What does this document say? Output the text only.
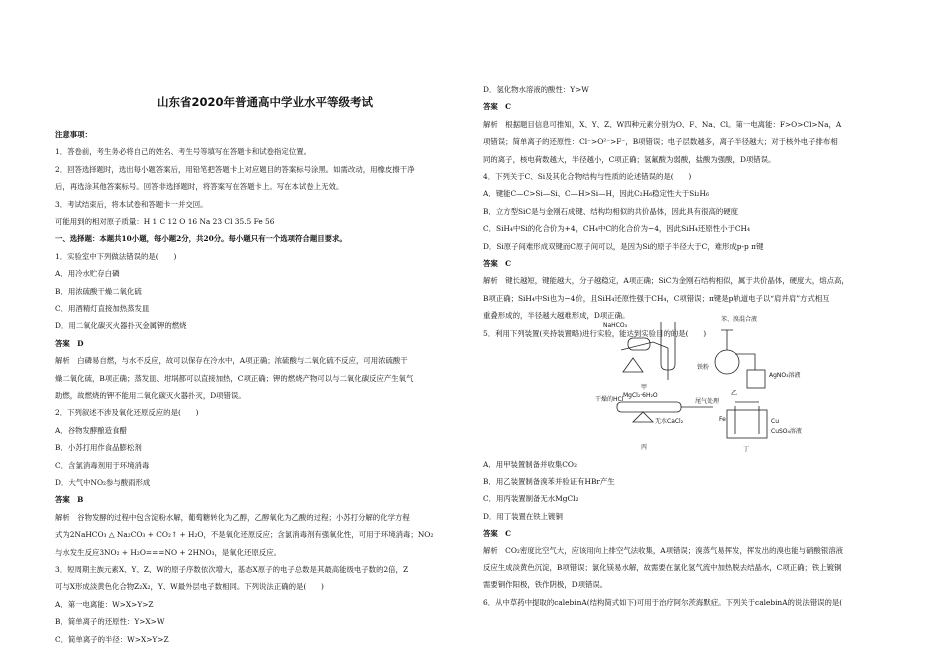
山东省2020年普通高中学业水平等级考试
注意事项：
1．答卷前，考生务必将自己的姓名、考生号等填写在答题卡和试卷指定位置。
2．回答选择题时，选出每小题答案后，用铅笔把答题卡上对应题目的答案标号涂黑。如需改动，用橡皮擦干净
后，再选涂其他答案标号。回答非选择题时，将答案写在答题卡上。写在本试卷上无效。
3．考试结束后，将本试卷和答题卡一并交回。
可能用到的相对原子质量：H 1 C 12 O 16 Na 23 Cl 35.5 Fe 56
一、选择题：本题共10小题，每小题2分，共20分。每小题只有一个选项符合题目要求。
1．实验室中下列做法错误的是(　　)
A．用冷水贮存白磷
B．用浓硫酸干燥二氧化硫
C．用酒精灯直接加热蒸发皿
D．用二氧化碳灭火器扑灭金属钾的燃烧
答案　D
解析　白磷易自燃，与水不反应，故可以保存在冷水中，A项正确；浓硫酸与二氧化硫不反应，可用浓硫酸干
燥二氧化硫，B项正确；蒸发皿、坩埚都可以直接加热，C项正确；钾的燃烧产物可以与二氧化碳反应产生氧气
助燃，故燃烧的钾不能用二氧化碳灭火器扑灭，D项错误。
2．下列叙述不涉及氧化还原反应的是(　　)
A．谷物发酵酿造食醋
B．小苏打用作食品膨松剂
C．含氯消毒剂用于环境消毒
D．大气中NO₂参与酸雨形成
答案　B
解析　谷物发酵的过程中包含淀粉水解，葡萄糖转化为乙醇，乙醇氧化为乙酸的过程；小苏打分解的化学方程
式为2NaHCO₃ △ Na₂CO₃ + CO₂↑ + H₂O，不是氧化还原反应；含氯消毒剂有强氧化性，可用于环境消毒；NO₂
与水发生反应3NO₂ + H₂O===NO + 2HNO₃，是氧化还原反应。
3．短周期主族元素X、Y、Z、W的原子序数依次增大，基态X原子的电子总数是其最高能级电子数的2倍，Z
可与X形成淡黄色化合物Z₂X₂，Y、W最外层电子数相同。下列说法正确的是(　　)
A．第一电离能：W>X>Y>Z
B．简单离子的还原性：Y>X>W
C．简单离子的半径：W>X>Y>Z
D．氢化物水溶液的酸性：Y>W
答案　C
解析　根据题目信息可推知，X、Y、Z、W四种元素分别为O、F、Na、Cl。第一电离能：F>O>Cl>Na，A
项错误；简单离子的还原性：Cl⁻>O²⁻>F⁻，B项错误；电子层数越多，离子半径越大；对于核外电子排布相
同的离子，核电荷数越大，半径越小，C项正确；氢氟酸为弱酸，盐酸为强酸，D项错误。
4．下列关于C、Si及其化合物结构与性质的论述错误的是(　　)
A．键能C—C>Si—Si、C—H>Si—H，因此C₂H₆稳定性大于Si₂H₆
B．立方型SiC是与金刚石成键、结构均相似的共价晶体，因此具有很高的硬度
C．SiH₄中Si的化合价为+4，CH₄中C的化合价为−4，因此SiH₄还原性小于CH₄
D．Si原子间难形成双键而C原子间可以，是因为Si的原子半径大于C，难形成p-p π键
答案　C
解析　键长越短，键能越大，分子越稳定，A项正确；SiC为金刚石结构相似，属于共价晶体，硬度大，熔点高，
B项正确；SiH₄中Si也为−4价，且SiH₄还原性强于CH₄，C项错误；π键是p轨道电子以“肩并肩”方式相互
重叠形成的，半径越大越难形成，D项正确。
5．利用下列装置(夹持装置略)进行实验，能达到实验目的的是(　　)
NaHCO₃
甲
苯、溴混合液
铁粉
AgNO₃溶液
乙
干燥的HCl
MgCl₂·6H₂O
尾气处理
无水CaCl₂
丙
Fe	Cu
CuSO₄溶液
丁
A．用甲装置制备并收集CO₂
B．用乙装置制备溴苯并验证有HBr产生
C．用丙装置制备无水MgCl₂
D．用丁装置在铁上镀铜
答案　C
解析　CO₂密度比空气大，应该用向上排空气法收集，A项错误；溴蒸气易挥发，挥发出的溴也能与硝酸银溶液
反应生成淡黄色沉淀，B项错误；氯化镁易水解，故需要在氯化氢气流中加热脱去结晶水，C项正确；铁上镀铜
需要铜作阳极，铁作阴极，D项错误。
6．从中草药中提取的calebinA(结构简式如下)可用于治疗阿尔茨海默症。下列关于calebinA的说法错误的是(
